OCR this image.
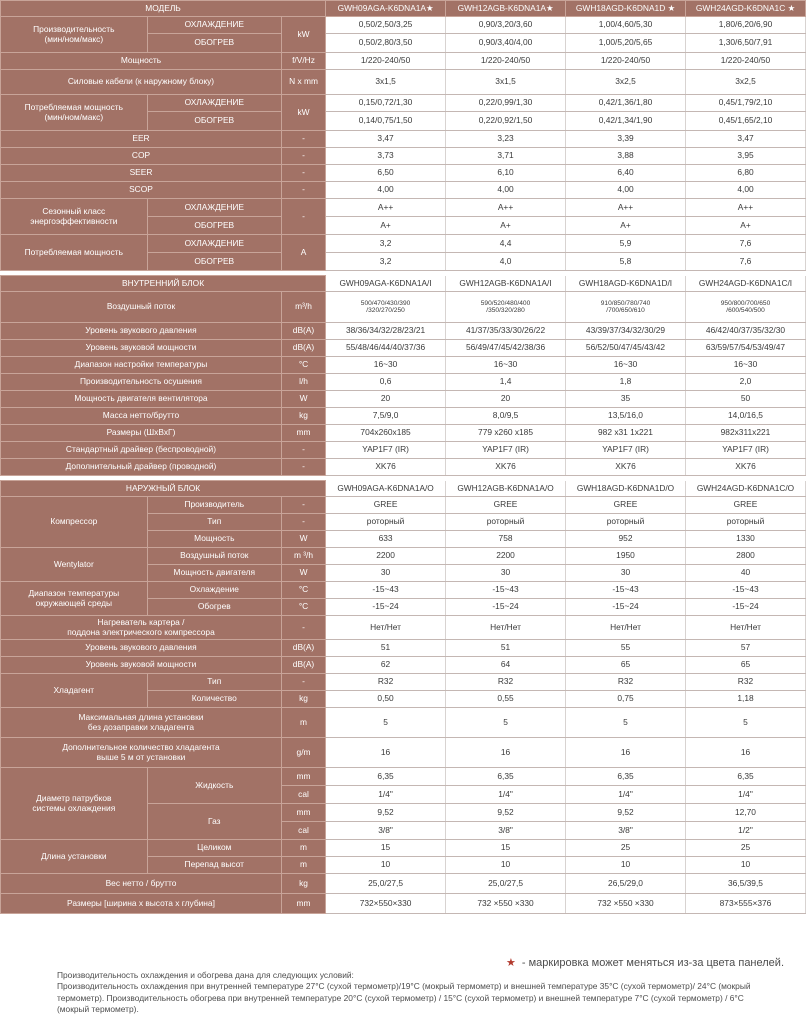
МОДЕЛЬ			GWH09AGA-K6DNA1A★	GWH12AGB-K6DNA1A★	GWH18AGD-K6DNA1D ★	GWH24AGD-K6DNA1C ★
Производительность
(мин/ном/макс)	ОХЛАЖДЕНИЕ	kW	0,50/2,50/3,25	0,90/3,20/3,60	1,00/4,60/5,30	1,80/6,20/6,90
	ОБОГРЕВ		0,50/2,80/3,50	0,90/3,40/4,00	1,00/5,20/5,65	1,30/6,50/7,91
Мощность		f/V/Hz	1/220-240/50	1/220-240/50	1/220-240/50	1/220-240/50
Силовые кабели (к наружному блоку)		N x mm	3x1,5	3x1,5	3x2,5	3x2,5
Потребляемая мощность
(мин/ном/макс)	ОХЛАЖДЕНИЕ	kW	0,15/0,72/1,30	0,22/0,99/1,30	0,42/1,36/1,80	0,45/1,79/2,10
	ОБОГРЕВ		0,14/0,75/1,50	0,22/0,92/1,50	0,42/1,34/1,90	0,45/1,65/2,10
EER		-	3,47	3,23	3,39	3,47
COP		-	3,73	3,71	3,88	3,95
SEER		-	6,50	6,10	6,40	6,80
SCOP		-	4,00	4,00	4,00	4,00
Сезонный класс
энергоэффективности	ОХЛАЖДЕНИЕ	-	A++	A++	A++	A++
	ОБОГРЕВ		A+	A+	A+	A+
Потребляемая мощность	ОХЛАЖДЕНИЕ	A	3,2	4,4	5,9	7,6
	ОБОГРЕВ		3,2	4,0	5,8	7,6

ВНУТРЕННИЙ БЛОК			GWH09AGA-K6DNA1A/I	GWH12AGB-K6DNA1A/I	GWH18AGD-K6DNA1D/I	GWH24AGD-K6DNA1C/I
Воздушный поток		m³/h	500/470/430/390
/320/270/250	590/520/480/400
/350/320/280	910/850/780/740
/700/650/610	950/800/700/650
/600/540/500
Уровень звукового давления		dB(A)	38/36/34/32/28/23/21	41/37/35/33/30/26/22	43/39/37/34/32/30/29	46/42/40/37/35/32/30
Уровень звуковой мощности		dB(A)	55/48/46/44/40/37/36	56/49/47/45/42/38/36	56/52/50/47/45/43/42	63/59/57/54/53/49/47
Диапазон настройки температуры		°C	16~30	16~30	16~30	16~30
Производительность осушения		l/h	0,6	1,4	1,8	2,0
Мощность двигателя вентилятора		W	20	20	35	50
Масса нетто/брутто		kg	7,5/9,0	8,0/9,5	13,5/16,0	14,0/16,5
Размеры (ШхВхГ)		mm	704x260x185	779 x260 x185	982 x31 1x221	982x311x221
Стандартный драйвер (беспроводной)		-	YAP1F7 (IR)	YAP1F7 (IR)	YAP1F7 (IR)	YAP1F7 (IR)
Дополнительный драйвер (проводной)		-	XK76	XK76	XK76	XK76

НАРУЖНЫЙ БЛОК			GWH09AGA-K6DNA1A/O	GWH12AGB-K6DNA1A/O	GWH18AGD-K6DNA1D/O	GWH24AGD-K6DNA1C/O
Компрессор	Производитель	-	GREE	GREE	GREE	GREE
	Тип	-	роторный	роторный	роторный	роторный
	Мощность	W	633	758	952	1330
Wentylator	Воздушный поток	m ³/h	2200	2200	1950	2800
	Мощность двигателя	W	30	30	30	40
Диапазон температуры
окружающей среды	Охлаждение	°C	-15~43	-15~43	-15~43	-15~43
	Обогрев	°C	-15~24	-15~24	-15~24	-15~24
Нагреватель картера /
поддона электрического компрессора		-	Нет/Нет	Нет/Нет	Нет/Нет	Нет/Нет
Уровень звукового давления		dB(A)	51	51	55	57
Уровень звуковой мощности		dB(A)	62	64	65	65
Хладагент	Тип	-	R32	R32	R32	R32
	Количество	kg	0,50	0,55	0,75	1,18
Максимальная длина установки
без дозаправки хладагента		m	5	5	5	5
Дополнительное количество хладагента
выше 5 м от установки		g/m	16	16	16	16
Диаметр патрубков
системы охлаждения	Жидкость	mm	6,35	6,35	6,35	6,35
		cal	1/4"	1/4"	1/4"	1/4"
	Газ	mm	9,52	9,52	9,52	12,70
		cal	3/8"	3/8"	3/8"	1/2"
Длина установки	Целиком	m	15	15	25	25
	Перепад высот	m	10	10	10	10
Вес нетто / брутто		kg	25,0/27,5	25,0/27,5	26,5/29,0	36,5/39,5
Размеры [ширина x высота x глубина]		mm	732×550×330	732 ×550 ×330	732 ×550 ×330	873×555×376
★ - маркировка может меняться из-за цвета панелей.
Производительность охлаждения и обогрева дана для следующих условий:
Производительность охлаждения при внутренней температуре 27°C (сухой термометр)/19°C (мокрый термометр) и внешней температуре 35°C (сухой термометр)/ 24°C (мокрый термометр). Производительность обогрева при внутренней температуре 20°C (сухой термометр) / 15°C (сухой термометр) и внешней температуре 7°C (сухой термометр) / 6°C (мокрый термометр).
